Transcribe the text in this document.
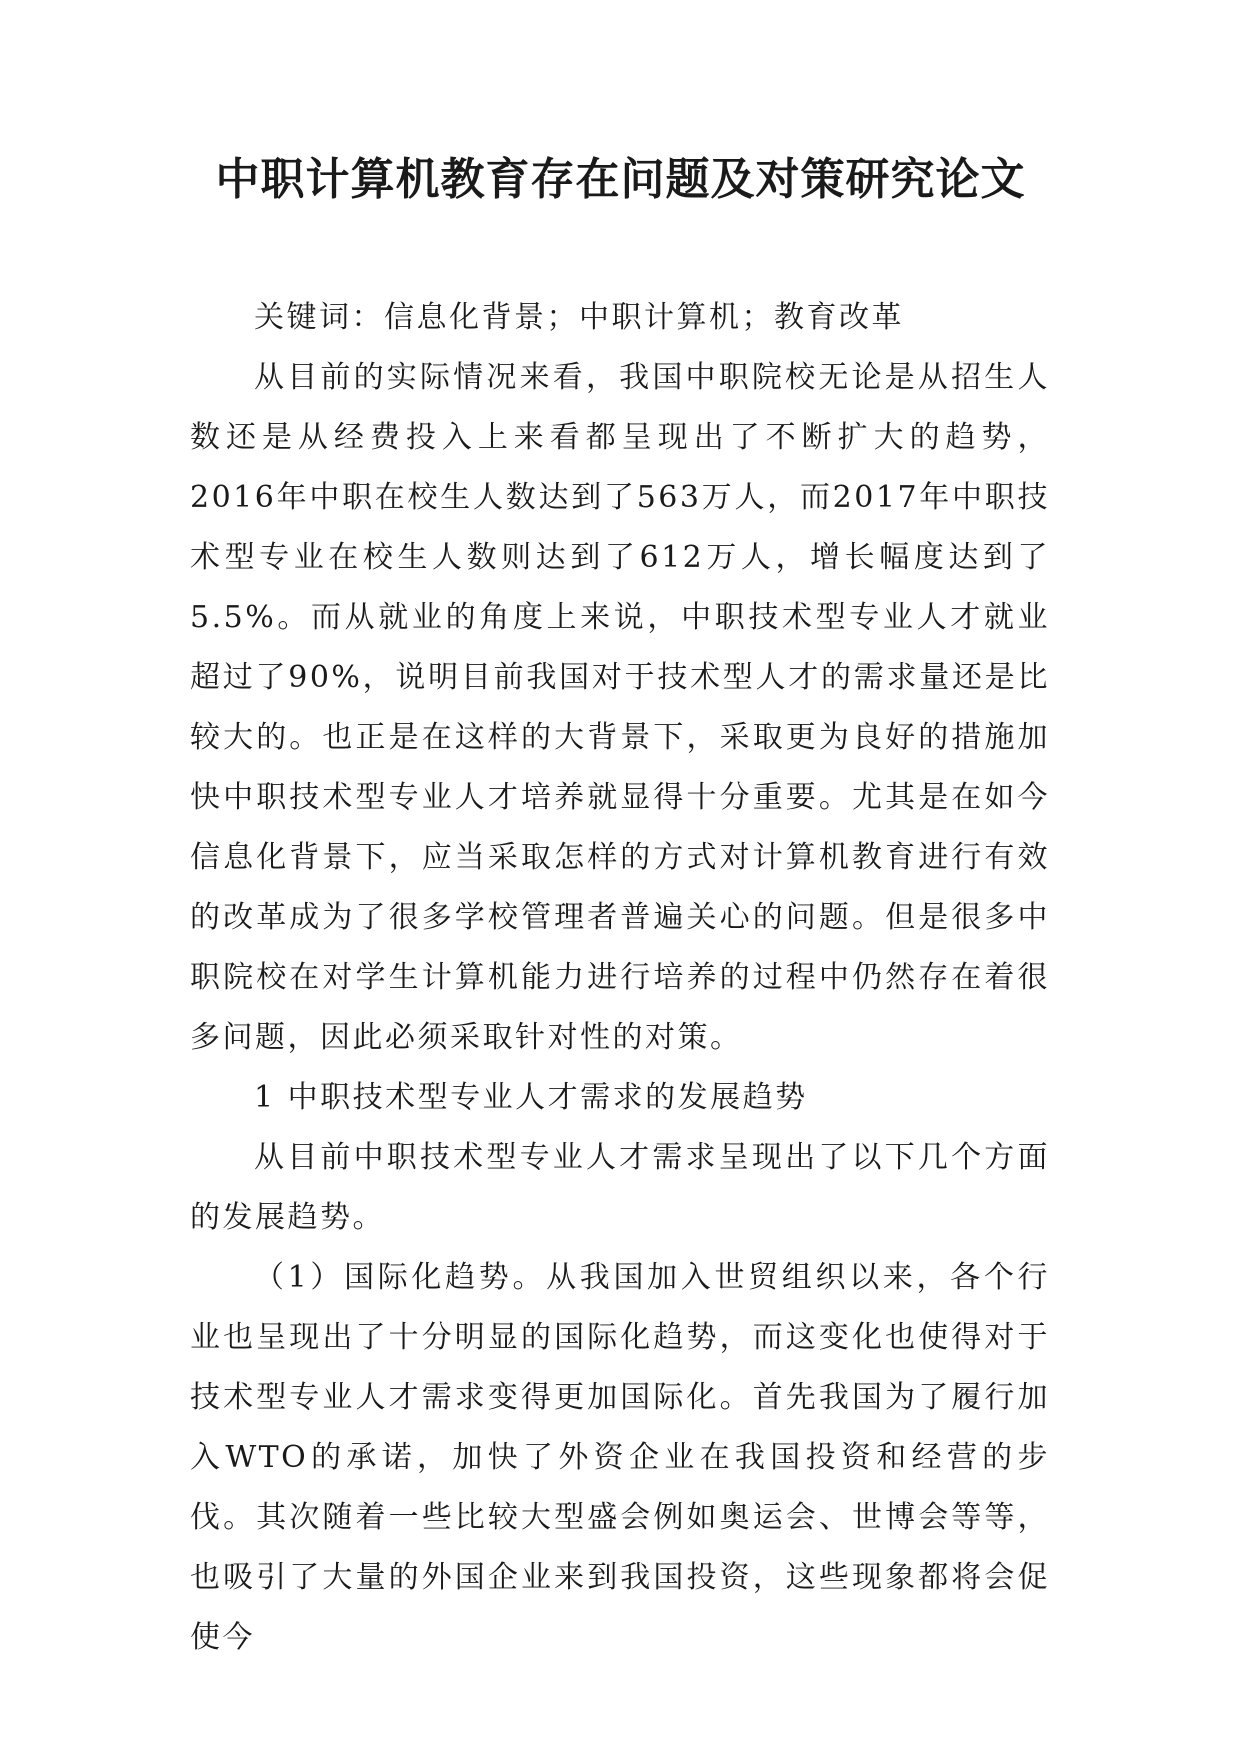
中职计算机教育存在问题及对策研究论文

关键词：信息化背景；中职计算机；教育改革

从目前的实际情况来看，我国中职院校无论是从招生人数还是从经费投入上来看都呈现出了不断扩大的趋势，2016年中职在校生人数达到了563万人，而2017年中职技术型专业在校生人数则达到了612万人，增长幅度达到了5.5%。而从就业的角度上来说，中职技术型专业人才就业超过了90%，说明目前我国对于技术型人才的需求量还是比较大的。也正是在这样的大背景下，采取更为良好的措施加快中职技术型专业人才培养就显得十分重要。尤其是在如今信息化背景下，应当采取怎样的方式对计算机教育进行有效的改革成为了很多学校管理者普遍关心的问题。但是很多中职院校在对学生计算机能力进行培养的过程中仍然存在着很多问题，因此必须采取针对性的对策。

1 中职技术型专业人才需求的发展趋势

从目前中职技术型专业人才需求呈现出了以下几个方面的发展趋势。

（1）国际化趋势。从我国加入世贸组织以来，各个行业也呈现出了十分明显的国际化趋势，而这变化也使得对于技术型专业人才需求变得更加国际化。首先我国为了履行加入WTO的承诺，加快了外资企业在我国投资和经营的步伐。其次随着一些比较大型盛会例如奥运会、世博会等等，也吸引了大量的外国企业来到我国投资，这些现象都将会促使今
